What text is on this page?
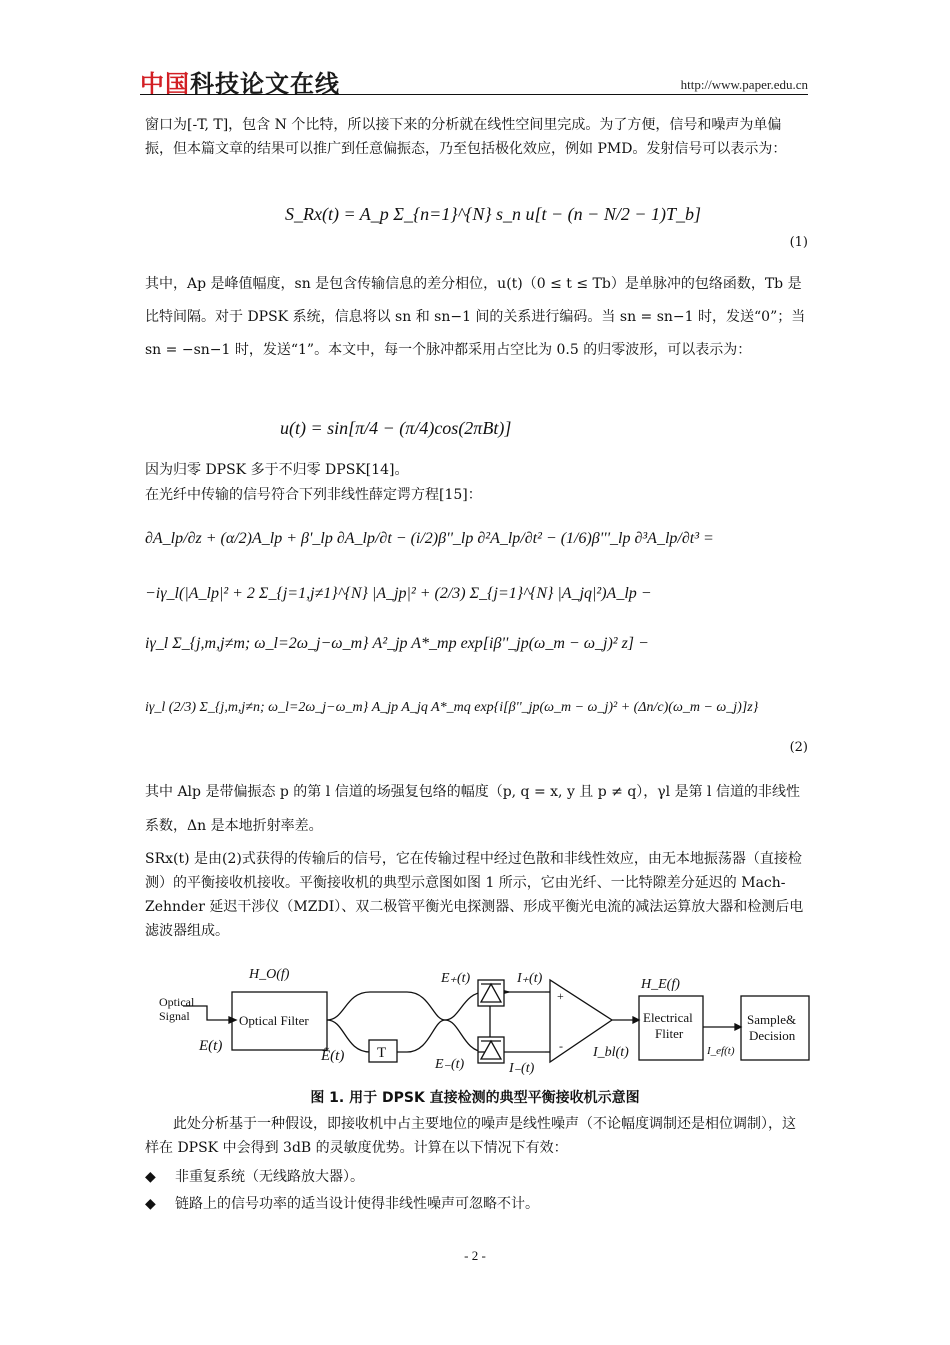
中国科技论文在线	http://www.paper.edu.cn

窗口为[-T, T]，包含 N 个比特，所以接下来的分析就在线性空间里完成。为了方便，信号和噪声为单偏振，但本篇文章的结果可以推广到任意偏振态，乃至包括极化效应，例如 PMD。发射信号可以表示为：

S_Rx(t) = A_p Σ_{n=1}^{N} s_n u[t − (n − N/2 − 1)T_b]
(1)

其中，Ap 是峰值幅度，sn 是包含传输信息的差分相位，u(t)（0 ≤ t ≤ Tb）是单脉冲的包络函数，Tb 是比特间隔。对于 DPSK 系统，信息将以 sn 和 sn−1 间的关系进行编码。当 sn = sn−1 时，发送“0”；当 sn = −sn−1 时，发送“1”。本文中，每一个脉冲都采用占空比为 0.5 的归零波形，可以表示为：

u(t) = sin[π/4 − (π/4)cos(2πBt)]

因为归零 DPSK 多于不归零 DPSK[14]。

在光纤中传输的信号符合下列非线性薛定谔方程[15]：

∂A_lp/∂z + (α/2)A_lp + β'_lp ∂A_lp/∂t − (i/2)β''_lp ∂²A_lp/∂t² − (1/6)β'''_lp ∂³A_lp/∂t³ =
−iγ_l(|A_lp|² + 2 Σ_{j=1,j≠1}^{N} |A_jp|² + (2/3) Σ_{j=1}^{N} |A_jq|²)A_lp −
iγ_l Σ_{j,m,j≠m; ω_l=2ω_j−ω_m} A²_jp A*_mp exp[iβ''_jp(ω_m − ω_j)² z] −
iγ_l (2/3) Σ_{j,m,j≠n; ω_l=2ω_j−ω_m} A_jp A_jq A*_mq exp{i[β''_jp(ω_m − ω_j)² + (Δn/c)(ω_m − ω_j)]z}
(2)

其中 Alp 是带偏振态 p 的第 l 信道的场强复包络的幅度（p, q = x, y 且 p ≠ q），γl 是第 l 信道的非线性系数，Δn 是本地折射率差。

SRx(t) 是由(2)式获得的传输后的信号，它在传输过程中经过色散和非线性效应，由无本地振荡器（直接检测）的平衡接收机接收。平衡接收机的典型示意图如图 1 所示，它由光纤、一比特隙差分延迟的 Mach-Zehnder 延迟干涉仪（MZDI）、双二极管平衡光电探测器、形成平衡光电流的减法运算放大器和检测后电滤波器组成。

Optical
Signal
H_O(f)
Optical Filter
E(t)
Ẽ(t) T
E₊(t)
E₋(t)
I₊(t)
I₋(t)
+
- I_bl(t)
H_E(f)
Electrical
Fliter
I_ef(t)
Sample&
Decision
图 1. 用于 DPSK 直接检测的典型平衡接收机示意图

此处分析基于一种假设，即接收机中占主要地位的噪声是线性噪声（不论幅度调制还是相位调制），这样在 DPSK 中会得到 3dB 的灵敏度优势。计算在以下情况下有效：

◆ 非重复系统（无线路放大器）。
◆ 链路上的信号功率的适当设计使得非线性噪声可忽略不计。
- 2 -
